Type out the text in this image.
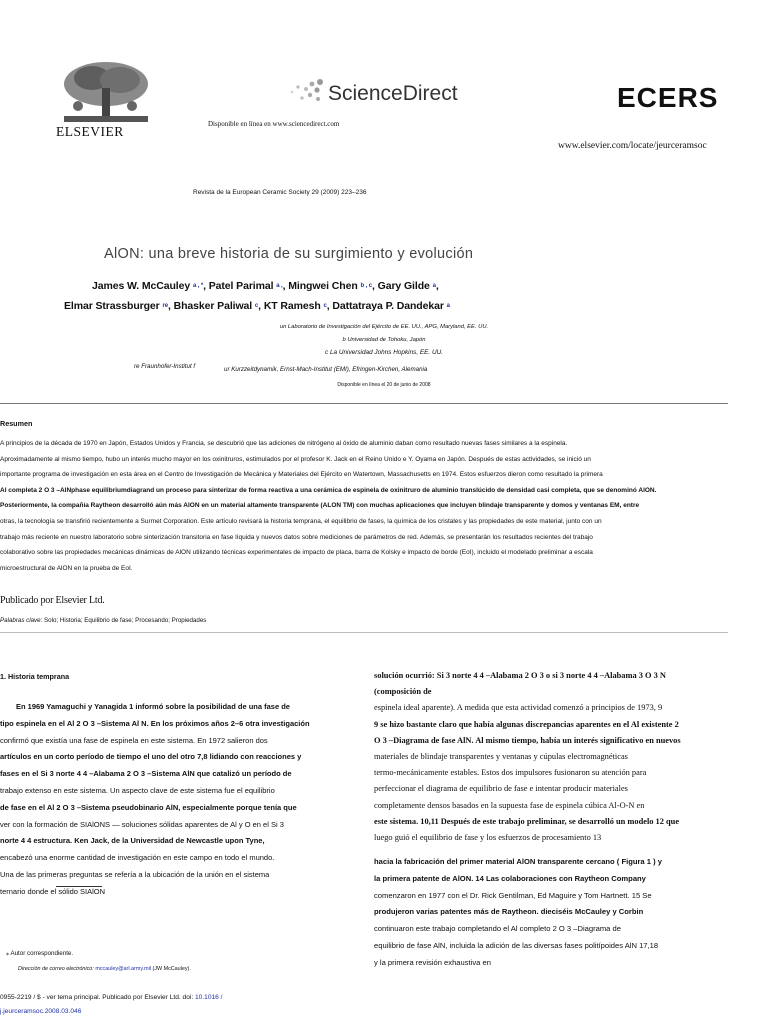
ELSEVIER
ScienceDirect
Disponible en línea en www.sciencedirect.com
ECERS
www.elsevier.com/locate/jeurceramsoc
Revista de la European Ceramic Society 29 (2009) 223–236
AlON: una breve historia de su surgimiento y evolución
James W. McCauley a , *, Patel Parimal a ,, Mingwei Chen b , c, Gary Gilde a,
Elmar Strassburger re, Bhasker Paliwal c, KT Ramesh c, Dattatraya P. Dandekar a
un Laboratorio de Investigación del Ejército de EE. UU., APG, Maryland, EE. UU.
b Universidad de Tohoku, Japón
c La Universidad Johns Hopkins, EE. UU.
re Fraunhofer-Institut f	ur Kurzzeitdynamik, Ernst-Mach-Institut (EMI), Efringen-Kirchen, Alemania
Disponible en línea el 20 de junio de 2008
Resumen
A principios de la década de 1970 en Japón, Estados Unidos y Francia, se descubrió que las adiciones de nitrógeno al óxido de aluminio daban como resultado nuevas fases similares a la espinela.
Aproximadamente al mismo tiempo, hubo un interés mucho mayor en los oxinitruros, estimulados por el profesor K. Jack en el Reino Unido e Y. Oyama en Japón. Después de estas actividades, se inició un
importante programa de investigación en esta área en el Centro de Investigación de Mecánica y Materiales del Ejército en Watertown, Massachusetts en 1974. Estos esfuerzos dieron como resultado la primera
Al completa 2 O 3 –AlNphase equilibriumdiagrand un proceso para sinterizar de forma reactiva a una cerámica de espinela de oxinitruro de aluminio translúcido de densidad casi completa, que se denominó AlON.
Posteriormente, la compañía Raytheon desarrolló aún más AlON en un material altamente transparente (ALON TM) con muchas aplicaciones que incluyen blindaje transparente y domos y ventanas EM, entre
otras, la tecnología se transfirió recientemente a Surmet Corporation. Este artículo revisará la historia temprana, el equilibrio de fases, la química de los cristales y las propiedades de este material, junto con un
trabajo más reciente en nuestro laboratorio sobre sinterización transitoria en fase líquida y nuevos datos sobre mediciones de parámetros de red. Además, se presentarán los resultados recientes del trabajo
colaborativo sobre las propiedades mecánicas dinámicas de AlON utilizando técnicas experimentales de impacto de placa, barra de Kolsky e impacto de borde (EoI), incluido el modelado preliminar a escala
microestructural de AlON en la prueba de EoI.
Publicado por Elsevier Ltd.
Palabras clave: Solo; Historia; Equilibrio de fase; Procesando; Propiedades
1. Historia temprana
En 1969 Yamaguchi y Yanagida 1 informó sobre la posibilidad de una fase de
tipo espinela en el Al 2 O 3 –Sistema Al N. En los próximos años 2–6 otra investigación
confirmó que existía una fase de espinela en este sistema. En 1972 salieron dos
artículos en un corto período de tiempo el uno del otro 7,8 lidiando con reacciones y
fases en el Si 3 norte 4 4 –Alabama 2 O 3 –Sistema AlN que catalizó un período de
trabajo extenso en este sistema. Un aspecto clave de este sistema fue el equilibrio
de fase en el Al 2 O 3 –Sistema pseudobinario AlN, especialmente porque tenía que
ver con la formación de SIAlONS — soluciones sólidas aparentes de Al y O en el Si 3
norte 4 4 estructura. Ken Jack, de la Universidad de Newcastle upon Tyne,
encabezó una enorme cantidad de investigación en este campo en todo el mundo.
Una de las primeras preguntas se refería a la ubicación de la unión en el sistema
ternario donde el sólido SIAlON
solución ocurrió: Si 3 norte 4 4 –Alabama 2 O 3 o si 3 norte 4 4 –Alabama 3 O 3 N (composición de
espinela ideal aparente). A medida que esta actividad comenzó a principios de 1973, 9
9 se hizo bastante claro que había algunas discrepancias aparentes en el Al existente 2
O 3 –Diagrama de fase AlN. Al mismo tiempo, había un interés significativo en nuevos
materiales de blindaje transparentes y ventanas y cúpulas electromagnéticas
termo-mecánicamente estables. Estos dos impulsores fusionaron su atención para
perfeccionar el diagrama de equilibrio de fase e intentar producir materiales
completamente densos basados en la supuesta fase de espinela cúbica Al-O-N en
este sistema. 10,11 Después de este trabajo preliminar, se desarrolló un modelo 12 que
luego guió el equilibrio de fase y los esfuerzos de procesamiento 13
hacia la fabricación del primer material AlON transparente cercano ( Figura 1 ) y
la primera patente de AlON. 14 Las colaboraciones con Raytheon Company
comenzaron en 1977 con el Dr. Rick Gentilman, Ed Maguire y Tom Hartnett. 15 Se
produjeron varias patentes más de Raytheon. dieciséis McCauley y Corbin
continuaron este trabajo completando el Al completo 2 O 3 –Diagrama de
equilibrio de fase AlN, incluida la adición de las diversas fases politípoides AlN 17,18
y la primera revisión exhaustiva en
⁎ Autor correspondiente.
Dirección de correo electrónico: mccauley@arl.army.mil (JW McCauley).
0955-2219 / $ - ver tema principal. Publicado por Elsevier Ltd. doi: 10.1016 /
j.jeurceramsoc.2008.03.046
